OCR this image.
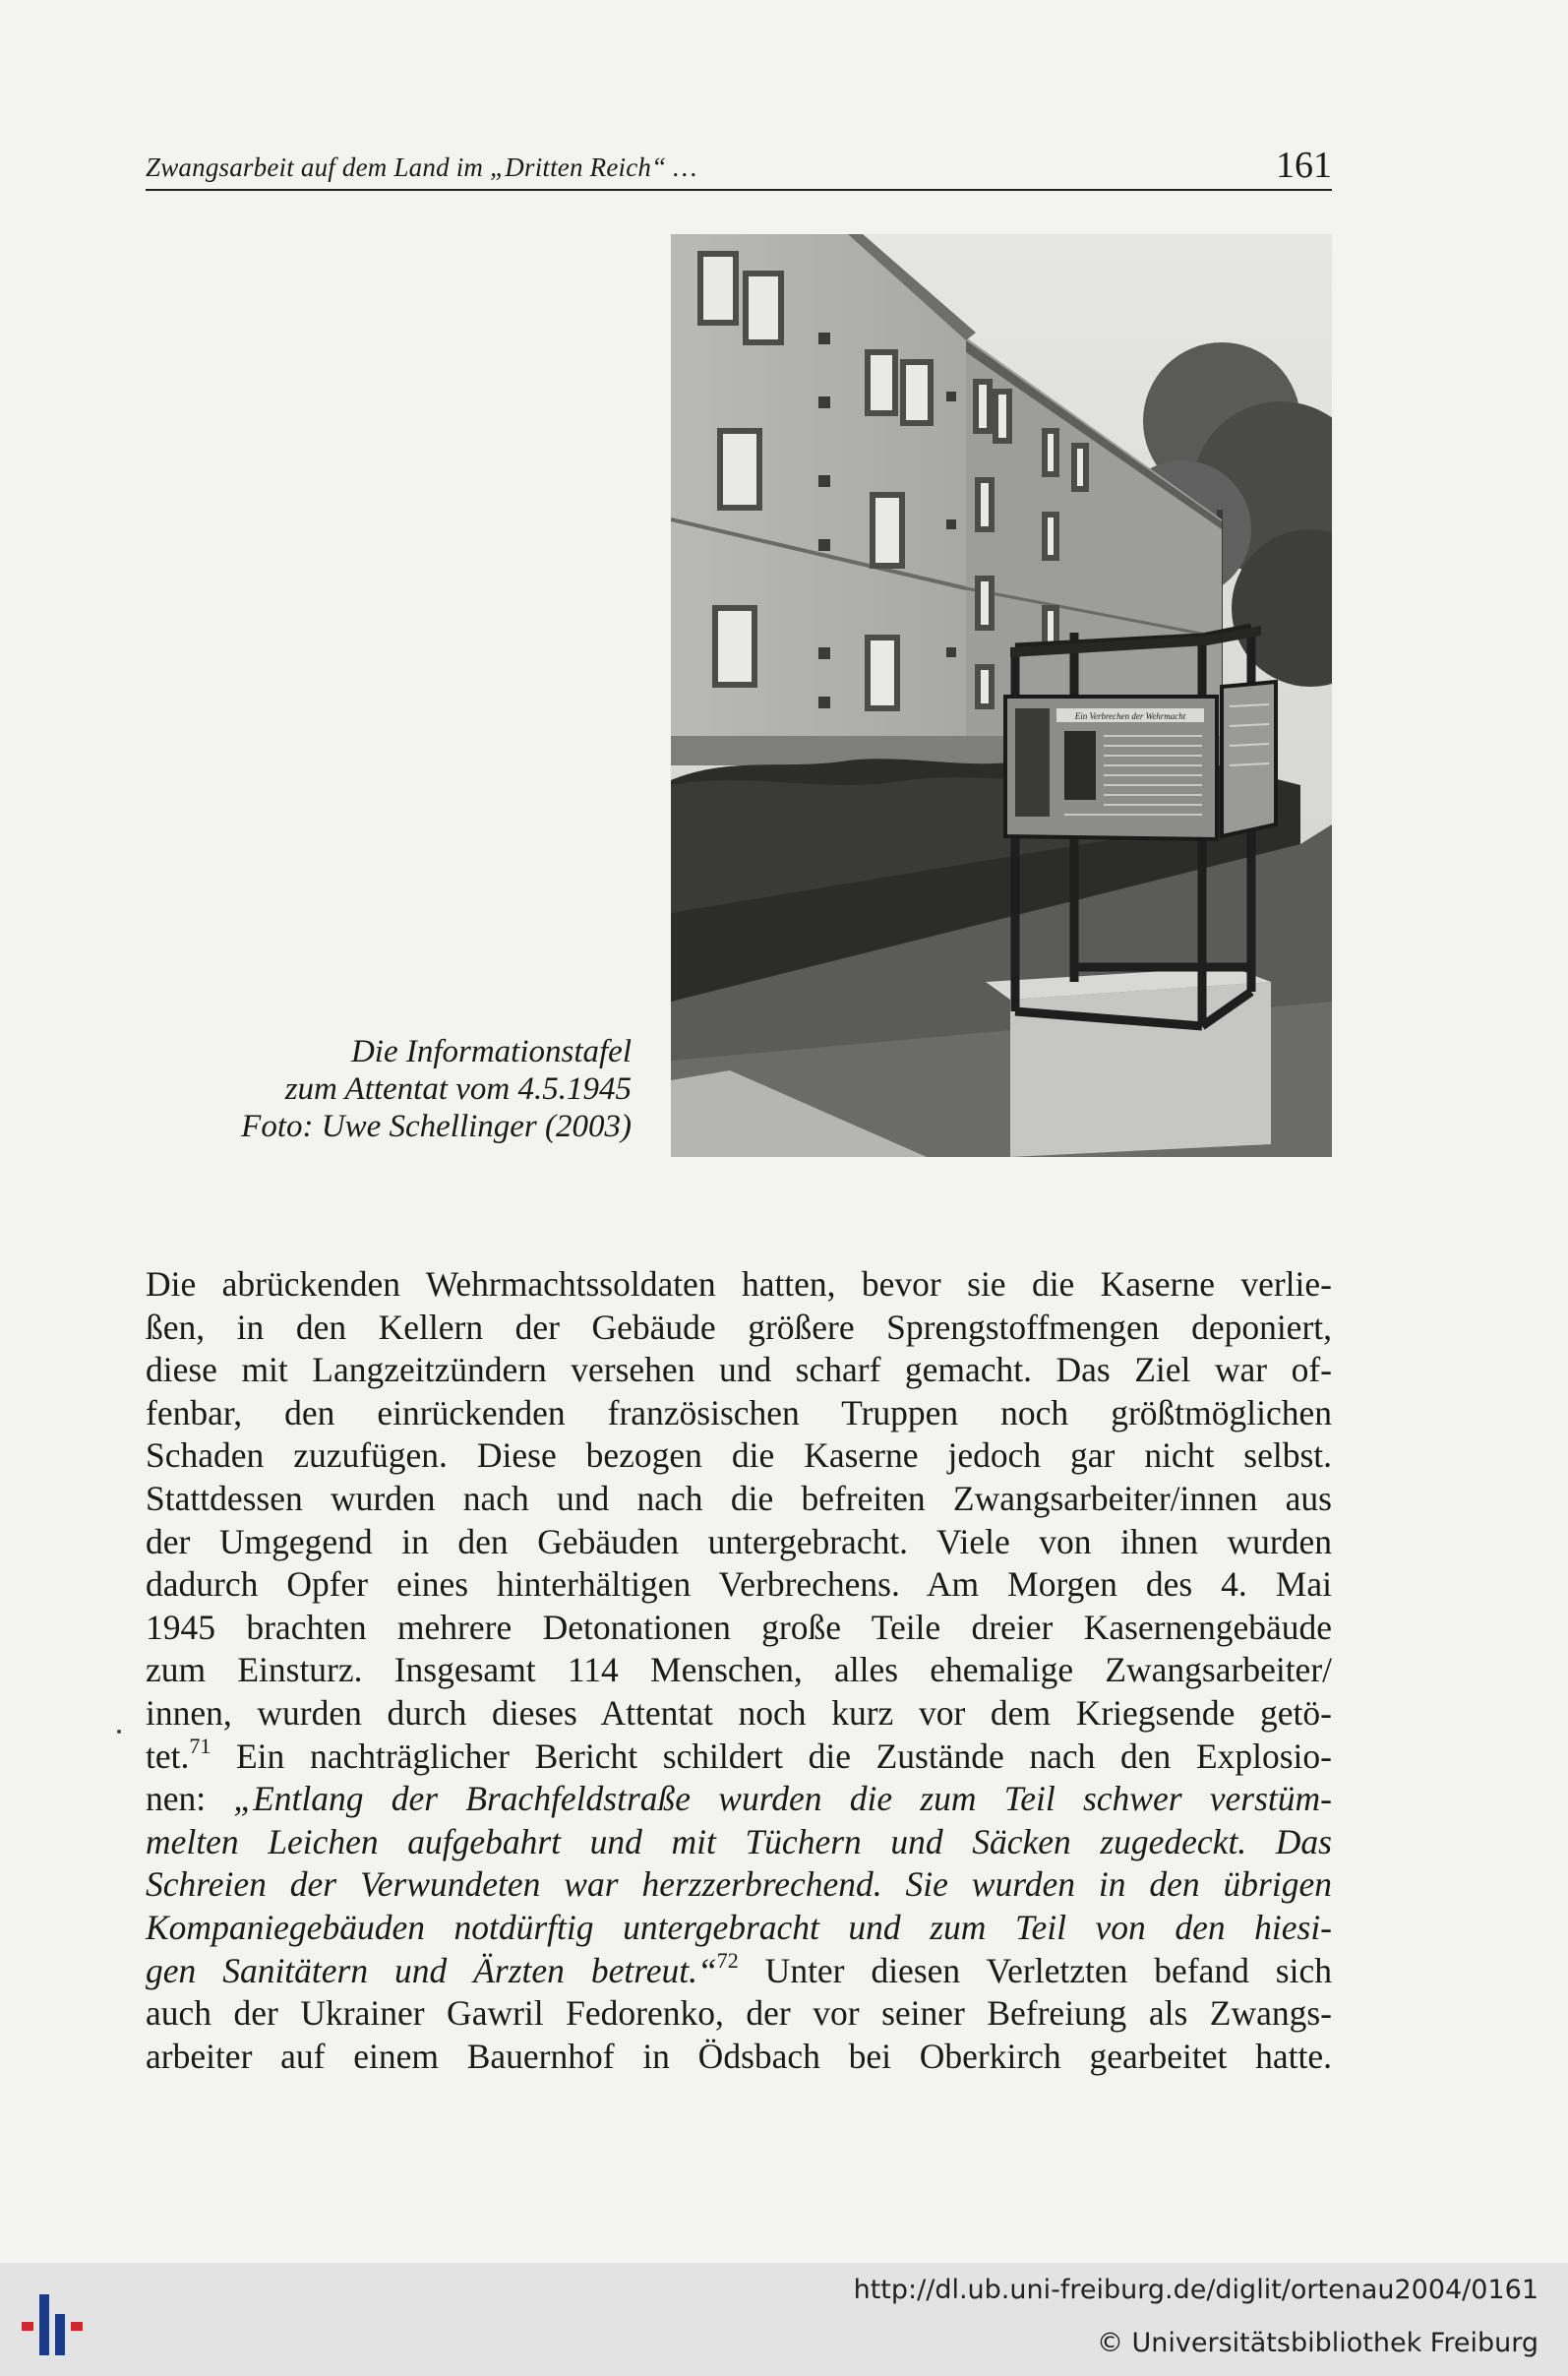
Zwangsarbeit auf dem Land im „Dritten Reich“ …	161
Ein Verbrechen der Wehrmacht
Die Informationstafel
zum Attentat vom 4.5.1945
Foto: Uwe Schellinger (2003)
Die abrückenden Wehrmachtssoldaten hatten, bevor sie die Kaserne verlie-
ßen, in den Kellern der Gebäude größere Sprengstoffmengen deponiert,
diese mit Langzeitzündern versehen und scharf gemacht. Das Ziel war of-
fenbar, den einrückenden französischen Truppen noch größtmöglichen
Schaden zuzufügen. Diese bezogen die Kaserne jedoch gar nicht selbst.
Stattdessen wurden nach und nach die befreiten Zwangsarbeiter/innen aus
der Umgegend in den Gebäuden untergebracht. Viele von ihnen wurden
dadurch Opfer eines hinterhältigen Verbrechens. Am Morgen des 4. Mai
1945 brachten mehrere Detonationen große Teile dreier Kasernengebäude
zum Einsturz. Insgesamt 114 Menschen, alles ehemalige Zwangsarbeiter/
innen, wurden durch dieses Attentat noch kurz vor dem Kriegsende getö-
tet.$^{71}$ Ein nachträglicher Bericht schildert die Zustände nach den Explosio-
nen: „Entlang der Brachfeldstraße wurden die zum Teil schwer verstüm-
melten Leichen aufgebahrt und mit Tüchern und Säcken zugedeckt. Das
Schreien der Verwundeten war herzzerbrechend. Sie wurden in den übrigen
Kompaniegebäuden notdürftig untergebracht und zum Teil von den hiesi-
gen Sanitätern und Ärzten betreut.“$^{72}$ Unter diesen Verletzten befand sich
auch der Ukrainer Gawril Fedorenko, der vor seiner Befreiung als Zwangs-
arbeiter auf einem Bauernhof in Ödsbach bei Oberkirch gearbeitet hatte.
http://dl.ub.uni-freiburg.de/diglit/ortenau2004/0161
© Universitätsbibliothek Freiburg
